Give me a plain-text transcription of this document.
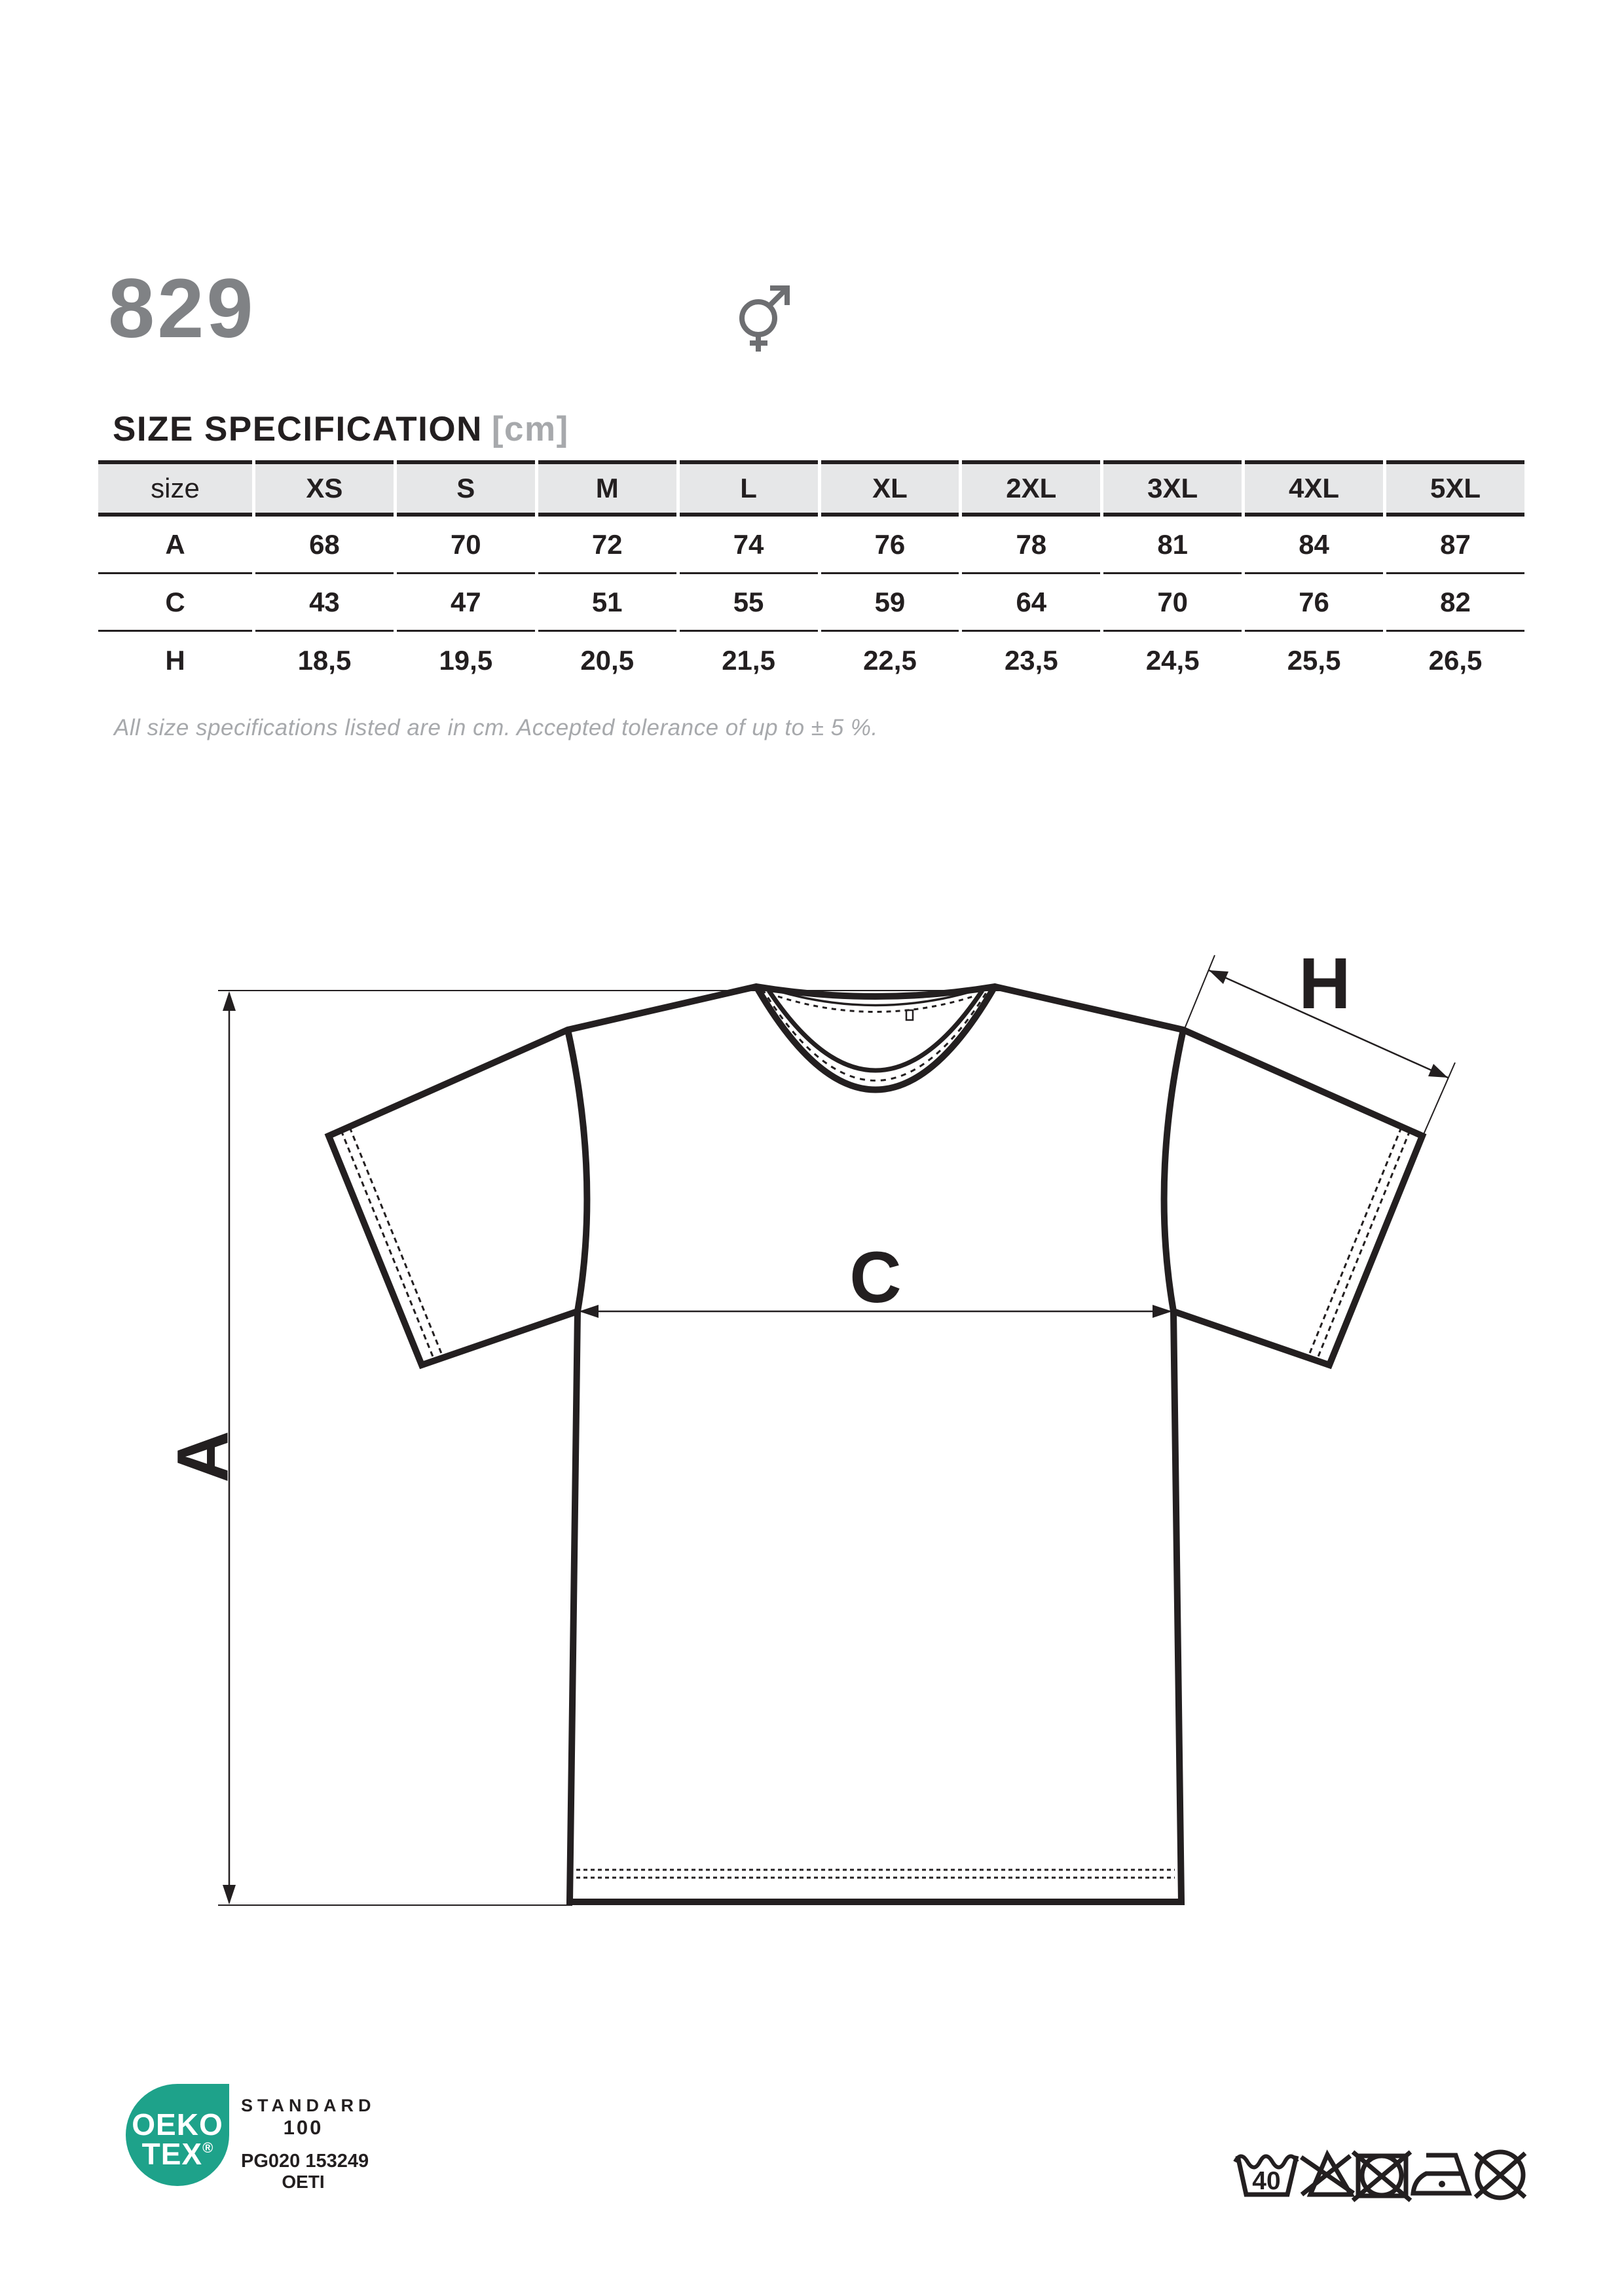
829
SIZE SPECIFICATION [cm]
size	XS	S	M	L	XL	2XL	3XL	4XL	5XL
A	68	70	72	74	76	78	81	84	87
C	43	47	51	55	59	64	70	76	82
H	18,5	19,5	20,5	21,5	22,5	23,5	24,5	25,5	26,5

All size specifications listed are in cm. Accepted tolerance of up to ± 5 %.

A
C
H
40
OEKO
TEX®
STANDARD
100
PG020 153249
OETI
